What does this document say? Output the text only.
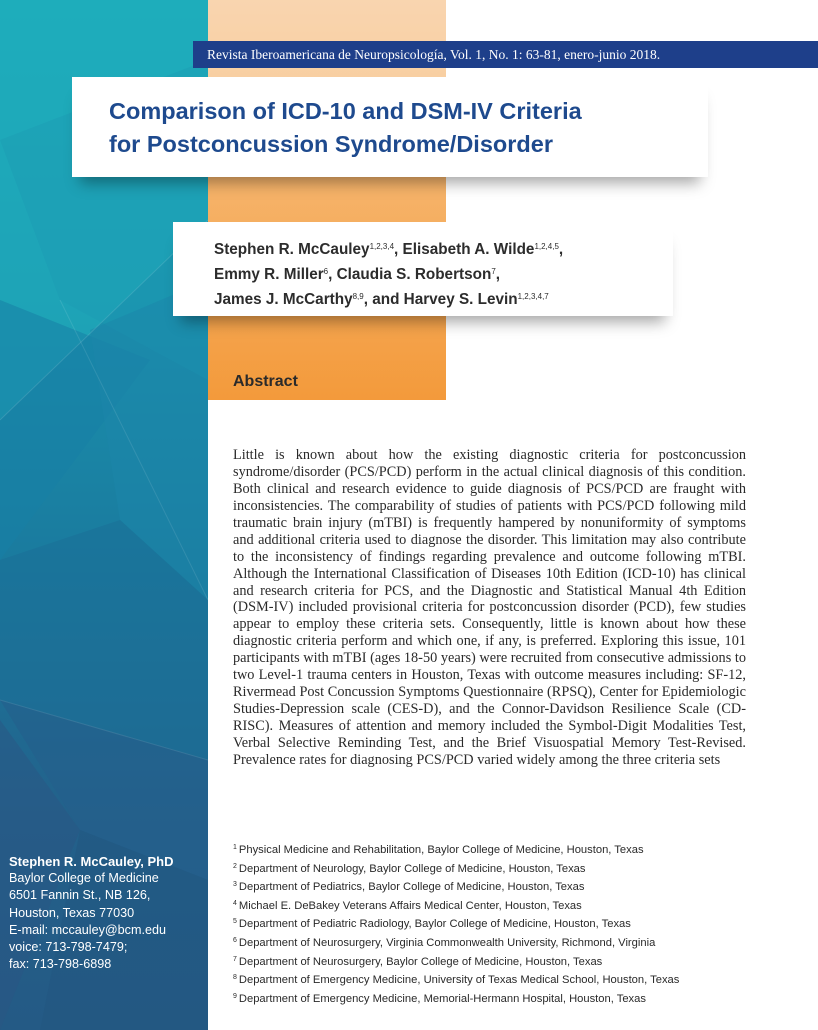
Revista Iberoamericana de Neuropsicología, Vol. 1, No. 1: 63-81, enero-junio 2018.
Comparison of ICD-10 and DSM-IV Criteria
for Postconcussion Syndrome/Disorder
Stephen R. McCauley$^{1,2,3,4}$, Elisabeth A. Wilde$^{1,2,4,5}$,
Emmy R. Miller$^6$, Claudia S. Robertson$^7$,
James J. McCarthy$^{8,9}$, and Harvey S. Levin$^{1,2,3,4,7}$
Abstract

Little is known about how the existing diagnostic criteria for postconcussion syndrome/disorder (PCS/PCD) perform in the actual clinical diagnosis of this condition. Both clinical and research evidence to guide diagnosis of PCS/PCD are fraught with inconsistencies. The comparability of studies of patients with PCS/PCD following mild traumatic brain injury (mTBI) is frequently hampered by nonuniformity of symptoms and additional criteria used to diagnose the disorder. This limitation may also contribute to the inconsistency of findings regarding prevalence and outcome following mTBI. Although the International Classification of Diseases 10th Edition (ICD-10) has clinical and research criteria for PCS, and the Diagnostic and Statistical Manual 4th Edition (DSM-IV) included provisional criteria for postconcussion disorder (PCD), few studies appear to employ these criteria sets. Consequently, little is known about how these diagnostic criteria perform and which one, if any, is preferred. Exploring this issue, 101 participants with mTBI (ages 18-50 years) were recruited from consecutive admissions to two Level-1 trauma centers in Houston, Texas with outcome measures including: SF-12, Rivermead Post Concussion Symptoms Questionnaire (RPSQ), Center for Epidemiologic Studies-Depression scale (CES-D), and the Connor-Davidson Resilience Scale (CD-RISC). Measures of attention and memory included the Symbol-Digit Modalities Test, Verbal Selective Reminding Test, and the Brief Visuospatial Memory Test-Revised. Prevalence rates for diagnosing PCS/PCD varied widely among the three criteria sets

$^1$ Physical Medicine and Rehabilitation, Baylor College of Medicine, Houston, Texas
$^2$ Department of Neurology, Baylor College of Medicine, Houston, Texas
$^3$ Department of Pediatrics, Baylor College of Medicine, Houston, Texas
$^4$ Michael E. DeBakey Veterans Affairs Medical Center, Houston, Texas
$^5$ Department of Pediatric Radiology, Baylor College of Medicine, Houston, Texas
$^6$ Department of Neurosurgery, Virginia Commonwealth University, Richmond, Virginia
$^7$ Department of Neurosurgery, Baylor College of Medicine, Houston, Texas
$^8$ Department of Emergency Medicine, University of Texas Medical School, Houston, Texas
$^9$ Department of Emergency Medicine, Memorial-Hermann Hospital, Houston, Texas
Stephen R. McCauley, PhD
Baylor College of Medicine
6501 Fannin St., NB 126,
Houston, Texas 77030
E-mail: mccauley@bcm.edu
voice: 713-798-7479;
fax: 713-798-6898
